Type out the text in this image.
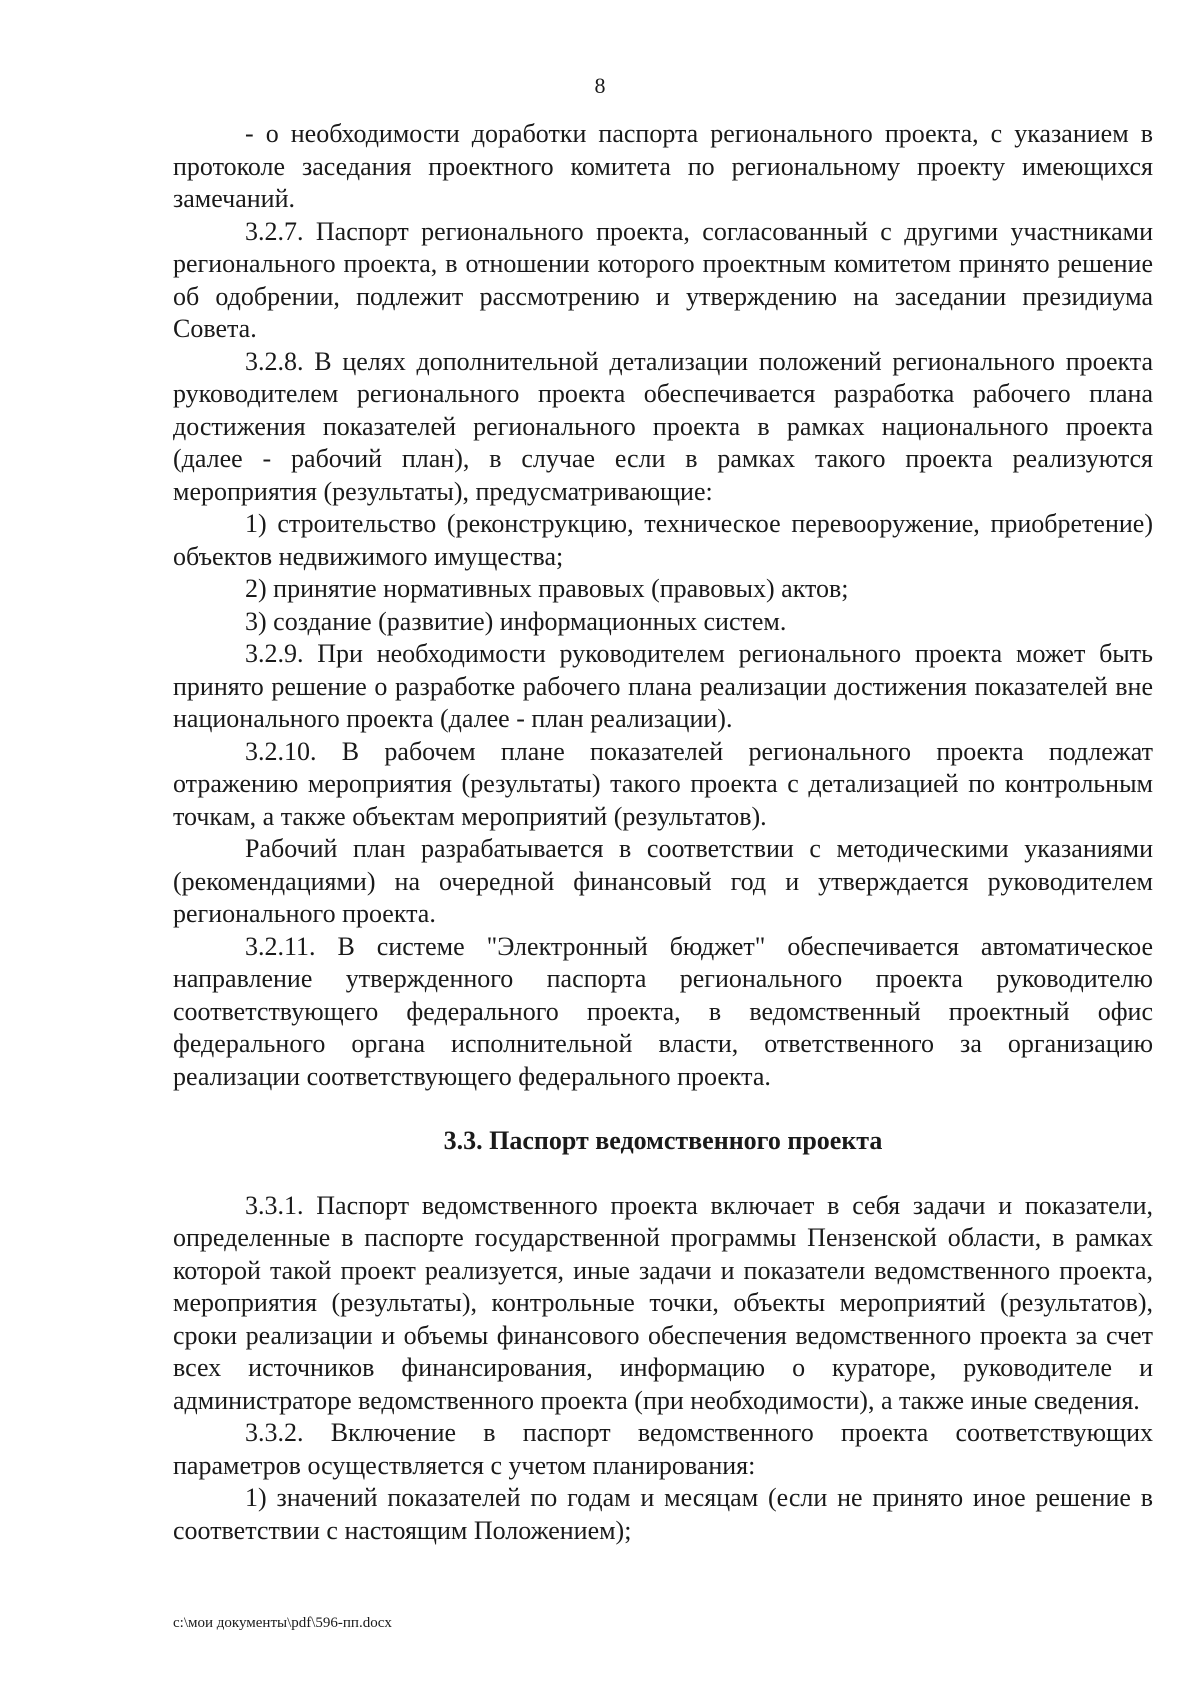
8

- о необходимости доработки паспорта регионального проекта, с указанием в протоколе заседания проектного комитета по региональному проекту имеющихся замечаний.

3.2.7. Паспорт регионального проекта, согласованный с другими участниками регионального проекта, в отношении которого проектным комитетом принято решение об одобрении, подлежит рассмотрению и утверждению на заседании президиума Совета.

3.2.8. В целях дополнительной детализации положений регионального проекта руководителем регионального проекта обеспечивается разработка рабочего плана достижения показателей регионального проекта в рамках национального проекта (далее - рабочий план), в случае если в рамках такого проекта реализуются мероприятия (результаты), предусматривающие:

1) строительство (реконструкцию, техническое перевооружение, приобретение) объектов недвижимого имущества;

2) принятие нормативных правовых (правовых) актов;

3) создание (развитие) информационных систем.

3.2.9. При необходимости руководителем регионального проекта может быть принято решение о разработке рабочего плана реализации достижения показателей вне национального проекта (далее - план реализации).

3.2.10. В рабочем плане показателей регионального проекта подлежат отражению мероприятия (результаты) такого проекта с детализацией по контрольным точкам, а также объектам мероприятий (результатов).

Рабочий план разрабатывается в соответствии с методическими указаниями (рекомендациями) на очередной финансовый год и утверждается руководителем регионального проекта.

3.2.11. В системе "Электронный бюджет" обеспечивается автоматическое направление утвержденного паспорта регионального проекта руководителю соответствующего федерального проекта, в ведомственный проектный офис федерального органа исполнительной власти, ответственного за организацию реализации соответствующего федерального проекта.

3.3. Паспорт ведомственного проекта

3.3.1. Паспорт ведомственного проекта включает в себя задачи и показатели, определенные в паспорте государственной программы Пензенской области, в рамках которой такой проект реализуется, иные задачи и показатели ведомственного проекта, мероприятия (результаты), контрольные точки, объекты мероприятий (результатов), сроки реализации и объемы финансового обеспечения ведомственного проекта за счет всех источников финансирования, информацию о кураторе, руководителе и администраторе ведомственного проекта (при необходимости), а также иные сведения.

3.3.2. Включение в паспорт ведомственного проекта соответствующих параметров осуществляется с учетом планирования:

1) значений показателей по годам и месяцам (если не принято иное решение в соответствии с настоящим Положением);

c:\мои документы\pdf\596-пп.docx
